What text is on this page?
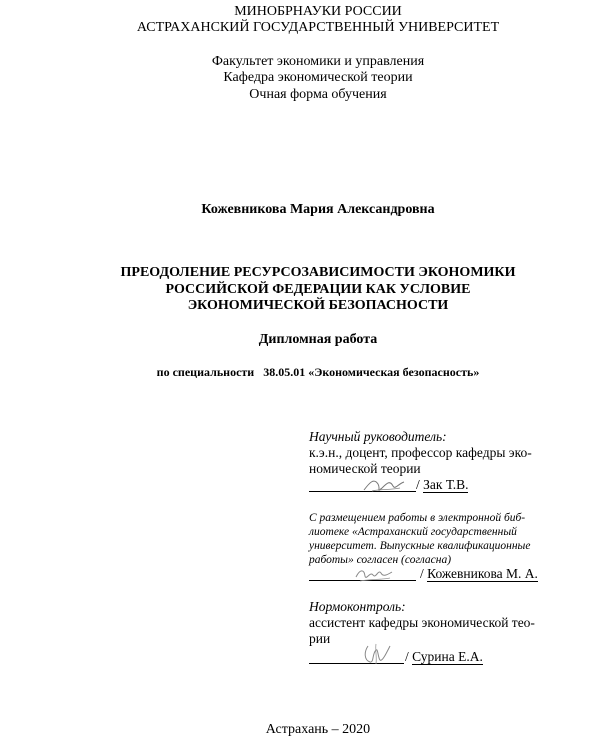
МИНОБРНАУКИ РОССИИ
АСТРАХАНСКИЙ ГОСУДАРСТВЕННЫЙ УНИВЕРСИТЕТ
Факультет экономики и управления
Кафедра экономической теории
Очная форма обучения
Кожевникова Мария Александровна
ПРЕОДОЛЕНИЕ РЕСУРСОЗАВИСИМОСТИ ЭКОНОМИКИ
РОССИЙСКОЙ ФЕДЕРАЦИИ КАК УСЛОВИЕ
ЭКОНОМИЧЕСКОЙ БЕЗОПАСНОСТИ
Дипломная работа
по специальности   38.05.01 «Экономическая безопасность»
Научный руководитель:
к.э.н., доцент, профессор кафедры эко-
номической теории
/ Зак Т.В.
С размещением работы в электронной биб-
лиотеке «Астраханский государственный
университет. Выпускные квалификационные
работы» согласен (согласна)
/ Кожевникова М. А.
Нормоконтроль:
ассистент кафедры экономической тео-
рии
/ Сурина Е.А.
Астрахань – 2020
